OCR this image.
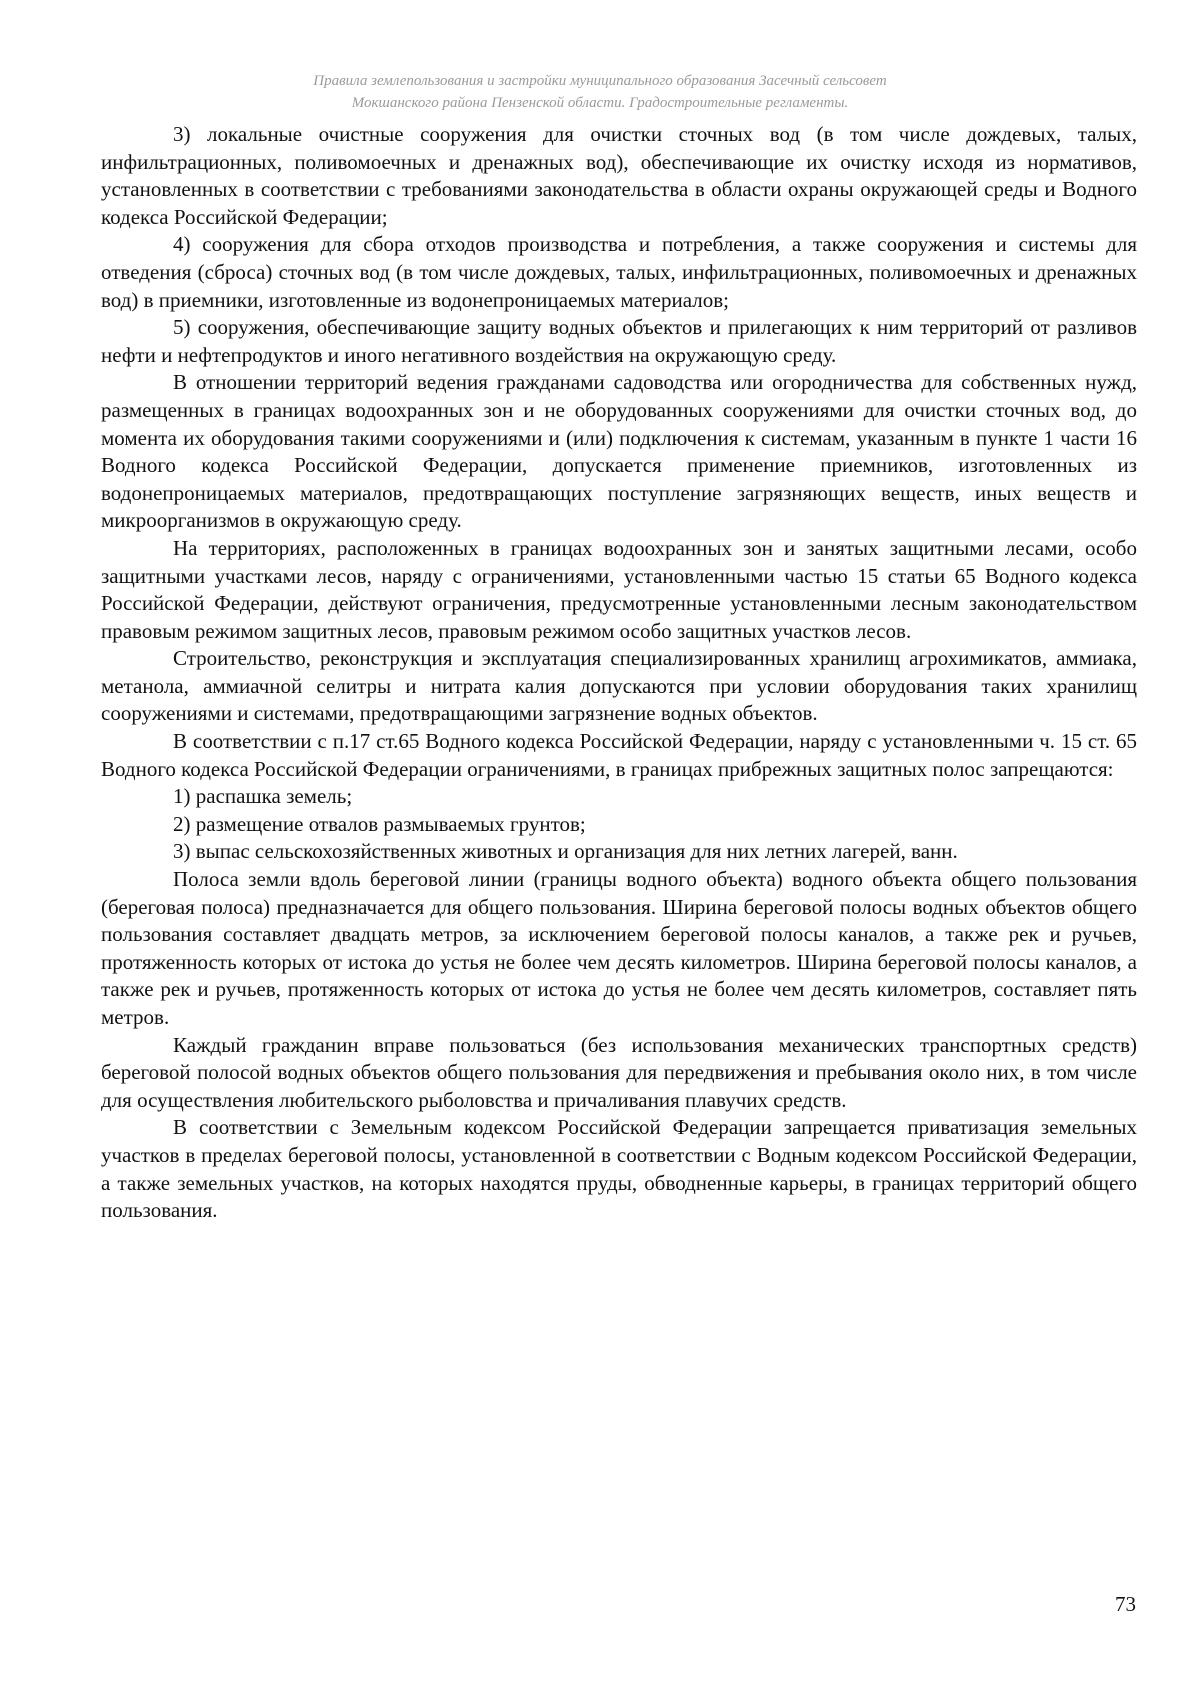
Правила землепользования и застройки муниципального образования Засечный сельсовет
Мокшанского района Пензенской области. Градостроительные регламенты.

3) локальные очистные сооружения для очистки сточных вод (в том числе дождевых, талых, инфильтрационных, поливомоечных и дренажных вод), обеспечивающие их очистку исходя из нормативов, установленных в соответствии с требованиями законодательства в области охраны окружающей среды и Водного кодекса Российской Федерации;

4) сооружения для сбора отходов производства и потребления, а также сооружения и системы для отведения (сброса) сточных вод (в том числе дождевых, талых, инфильтрационных, поливомоечных и дренажных вод) в приемники, изготовленные из водонепроницаемых материалов;

5) сооружения, обеспечивающие защиту водных объектов и прилегающих к ним территорий от разливов нефти и нефтепродуктов и иного негативного воздействия на окружающую среду.

В отношении территорий ведения гражданами садоводства или огородничества для собственных нужд, размещенных в границах водоохранных зон и не оборудованных сооружениями для очистки сточных вод, до момента их оборудования такими сооружениями и (или) подключения к системам, указанным в пункте 1 части 16 Водного кодекса Российской Федерации, допускается применение приемников, изготовленных из водонепроницаемых материалов, предотвращающих поступление загрязняющих веществ, иных веществ и микроорганизмов в окружающую среду.

На территориях, расположенных в границах водоохранных зон и занятых защитными лесами, особо защитными участками лесов, наряду с ограничениями, установленными частью 15 статьи 65 Водного кодекса Российской Федерации, действуют ограничения, предусмотренные установленными лесным законодательством правовым режимом защитных лесов, правовым режимом особо защитных участков лесов.

Строительство, реконструкция и эксплуатация специализированных хранилищ агрохимикатов, аммиака, метанола, аммиачной селитры и нитрата калия допускаются при условии оборудования таких хранилищ сооружениями и системами, предотвращающими загрязнение водных объектов.

В соответствии с п.17 ст.65 Водного кодекса Российской Федерации, наряду с установленными ч. 15 ст. 65 Водного кодекса Российской Федерации ограничениями, в границах прибрежных защитных полос запрещаются:

1) распашка земель;

2) размещение отвалов размываемых грунтов;

3) выпас сельскохозяйственных животных и организация для них летних лагерей, ванн.

Полоса земли вдоль береговой линии (границы водного объекта) водного объекта общего пользования (береговая полоса) предназначается для общего пользования. Ширина береговой полосы водных объектов общего пользования составляет двадцать метров, за исключением береговой полосы каналов, а также рек и ручьев, протяженность которых от истока до устья не более чем десять километров. Ширина береговой полосы каналов, а также рек и ручьев, протяженность которых от истока до устья не более чем десять километров, составляет пять метров.

Каждый гражданин вправе пользоваться (без использования механических транспортных средств) береговой полосой водных объектов общего пользования для передвижения и пребывания около них, в том числе для осуществления любительского рыболовства и причаливания плавучих средств.

В соответствии с Земельным кодексом Российской Федерации запрещается приватизация земельных участков в пределах береговой полосы, установленной в соответствии с Водным кодексом Российской Федерации, а также земельных участков, на которых находятся пруды, обводненные карьеры, в границах территорий общего пользования.

73
